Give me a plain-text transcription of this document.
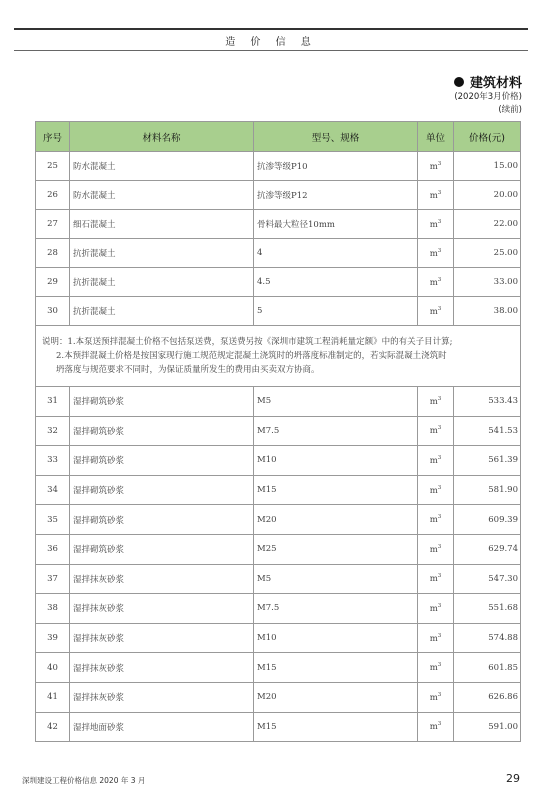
造 价 信 息
建筑材料
(2020年3月价格)
(续前)
序号	材料名称	型号、规格	单位	价格(元)
25	防水混凝土	抗渗等级P10	$m^3$	15.00
26	防水混凝土	抗渗等级P12	$m^3$	20.00
27	细石混凝土	骨料最大粒径10mm	$m^3$	22.00
28	抗折混凝土	4	$m^3$	25.00
29	抗折混凝土	4.5	$m^3$	33.00
30	抗折混凝土	5	$m^3$	38.00

说明：1.本泵送预拌混凝土价格不包括泵送费，泵送费另按《深圳市建筑工程消耗量定额》中的有关子目计算;
2.本预拌混凝土价格是按国家现行施工规范规定混凝土浇筑时的坍落度标准制定的，若实际混凝土浇筑时
坍落度与规范要求不同时，为保证质量所发生的费用由买卖双方协商。				

31	湿拌砌筑砂浆	M5	$m^3$	533.43
32	湿拌砌筑砂浆	M7.5	$m^3$	541.53
33	湿拌砌筑砂浆	M10	$m^3$	561.39
34	湿拌砌筑砂浆	M15	$m^3$	581.90
35	湿拌砌筑砂浆	M20	$m^3$	609.39
36	湿拌砌筑砂浆	M25	$m^3$	629.74
37	湿拌抹灰砂浆	M5	$m^3$	547.30
38	湿拌抹灰砂浆	M7.5	$m^3$	551.68
39	湿拌抹灰砂浆	M10	$m^3$	574.88
40	湿拌抹灰砂浆	M15	$m^3$	601.85
41	湿拌抹灰砂浆	M20	$m^3$	626.86
42	湿拌地面砂浆	M15	$m^3$	591.00
深圳建设工程价格信息 2020 年 3 月	29
